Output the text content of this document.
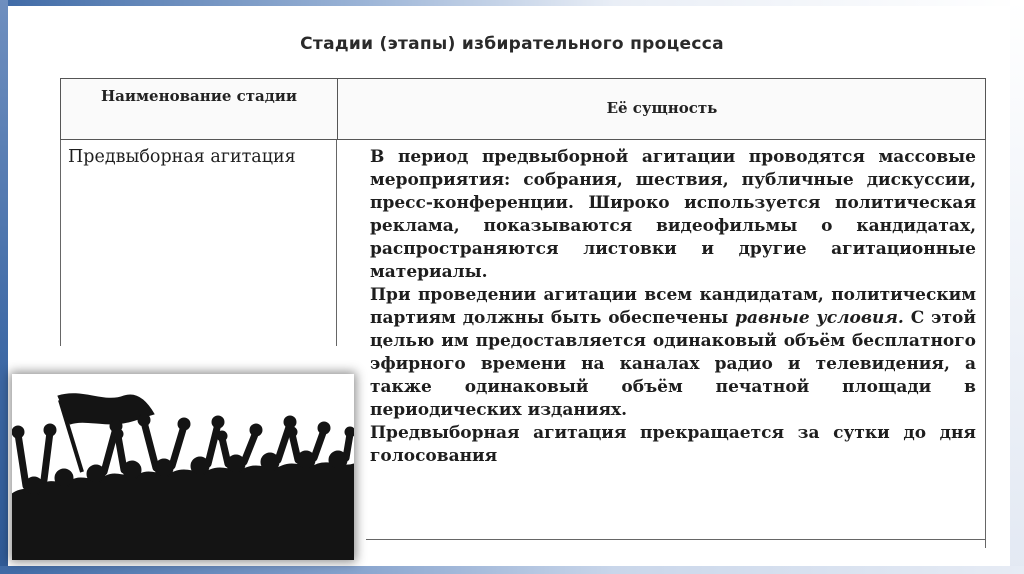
Стадии (этапы) избирательного процесса
Наименование стадии
Её сущность
Предвыборная агитация	В период предвыборной агитации проводятся массовые мероприятия: собрания, шествия, публичные дискуссии, пресс-конференции. Широко используется политическая реклама, показываются видеофильмы о кандидатах, распространяются листовки и другие агитационные материалы.

При проведении агитации всем кандидатам, политическим партиям должны быть обеспечены равные условия. С этой целью им предоставляется одинаковый объём бесплатного эфирного времени на каналах радио и телевидения, а также одинаковый объём печатной площади в периодических изданиях.

Предвыборная агитация прекращается за сутки до дня голосования
